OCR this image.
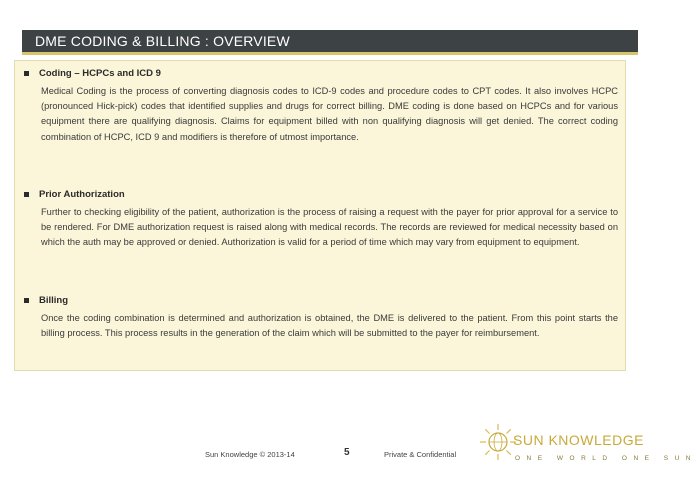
DME CODING & BILLING : OVERVIEW
Coding – HCPCs and ICD 9
Medical Coding is the process of converting diagnosis codes to ICD-9 codes and procedure codes to CPT codes. It also involves HCPC (pronounced Hick-pick) codes that identified supplies and drugs for correct billing. DME coding is done based on HCPCs and for various equipment there are qualifying diagnosis. Claims for equipment billed with non qualifying diagnosis will get denied. The correct coding combination of HCPC, ICD 9 and modifiers is therefore of utmost importance.
Prior Authorization
Further to checking eligibility of the patient, authorization is the process of raising a request with the payer for prior approval for a service to be rendered. For DME authorization request is raised along with medical records. The records are reviewed for medical necessity based on which the auth may be approved or denied. Authorization is valid for a period of time which may vary from equipment to equipment.
Billing
Once the coding combination is determined and authorization is obtained, the DME is delivered to the patient. From this point starts the billing process. This process results in the generation of the claim which will be submitted to the payer for reimbursement.
Sun Knowledge © 2013-14	5	Private & Confidential
SUN KNOWLEDGE
ONE WORLD ONE SUN
